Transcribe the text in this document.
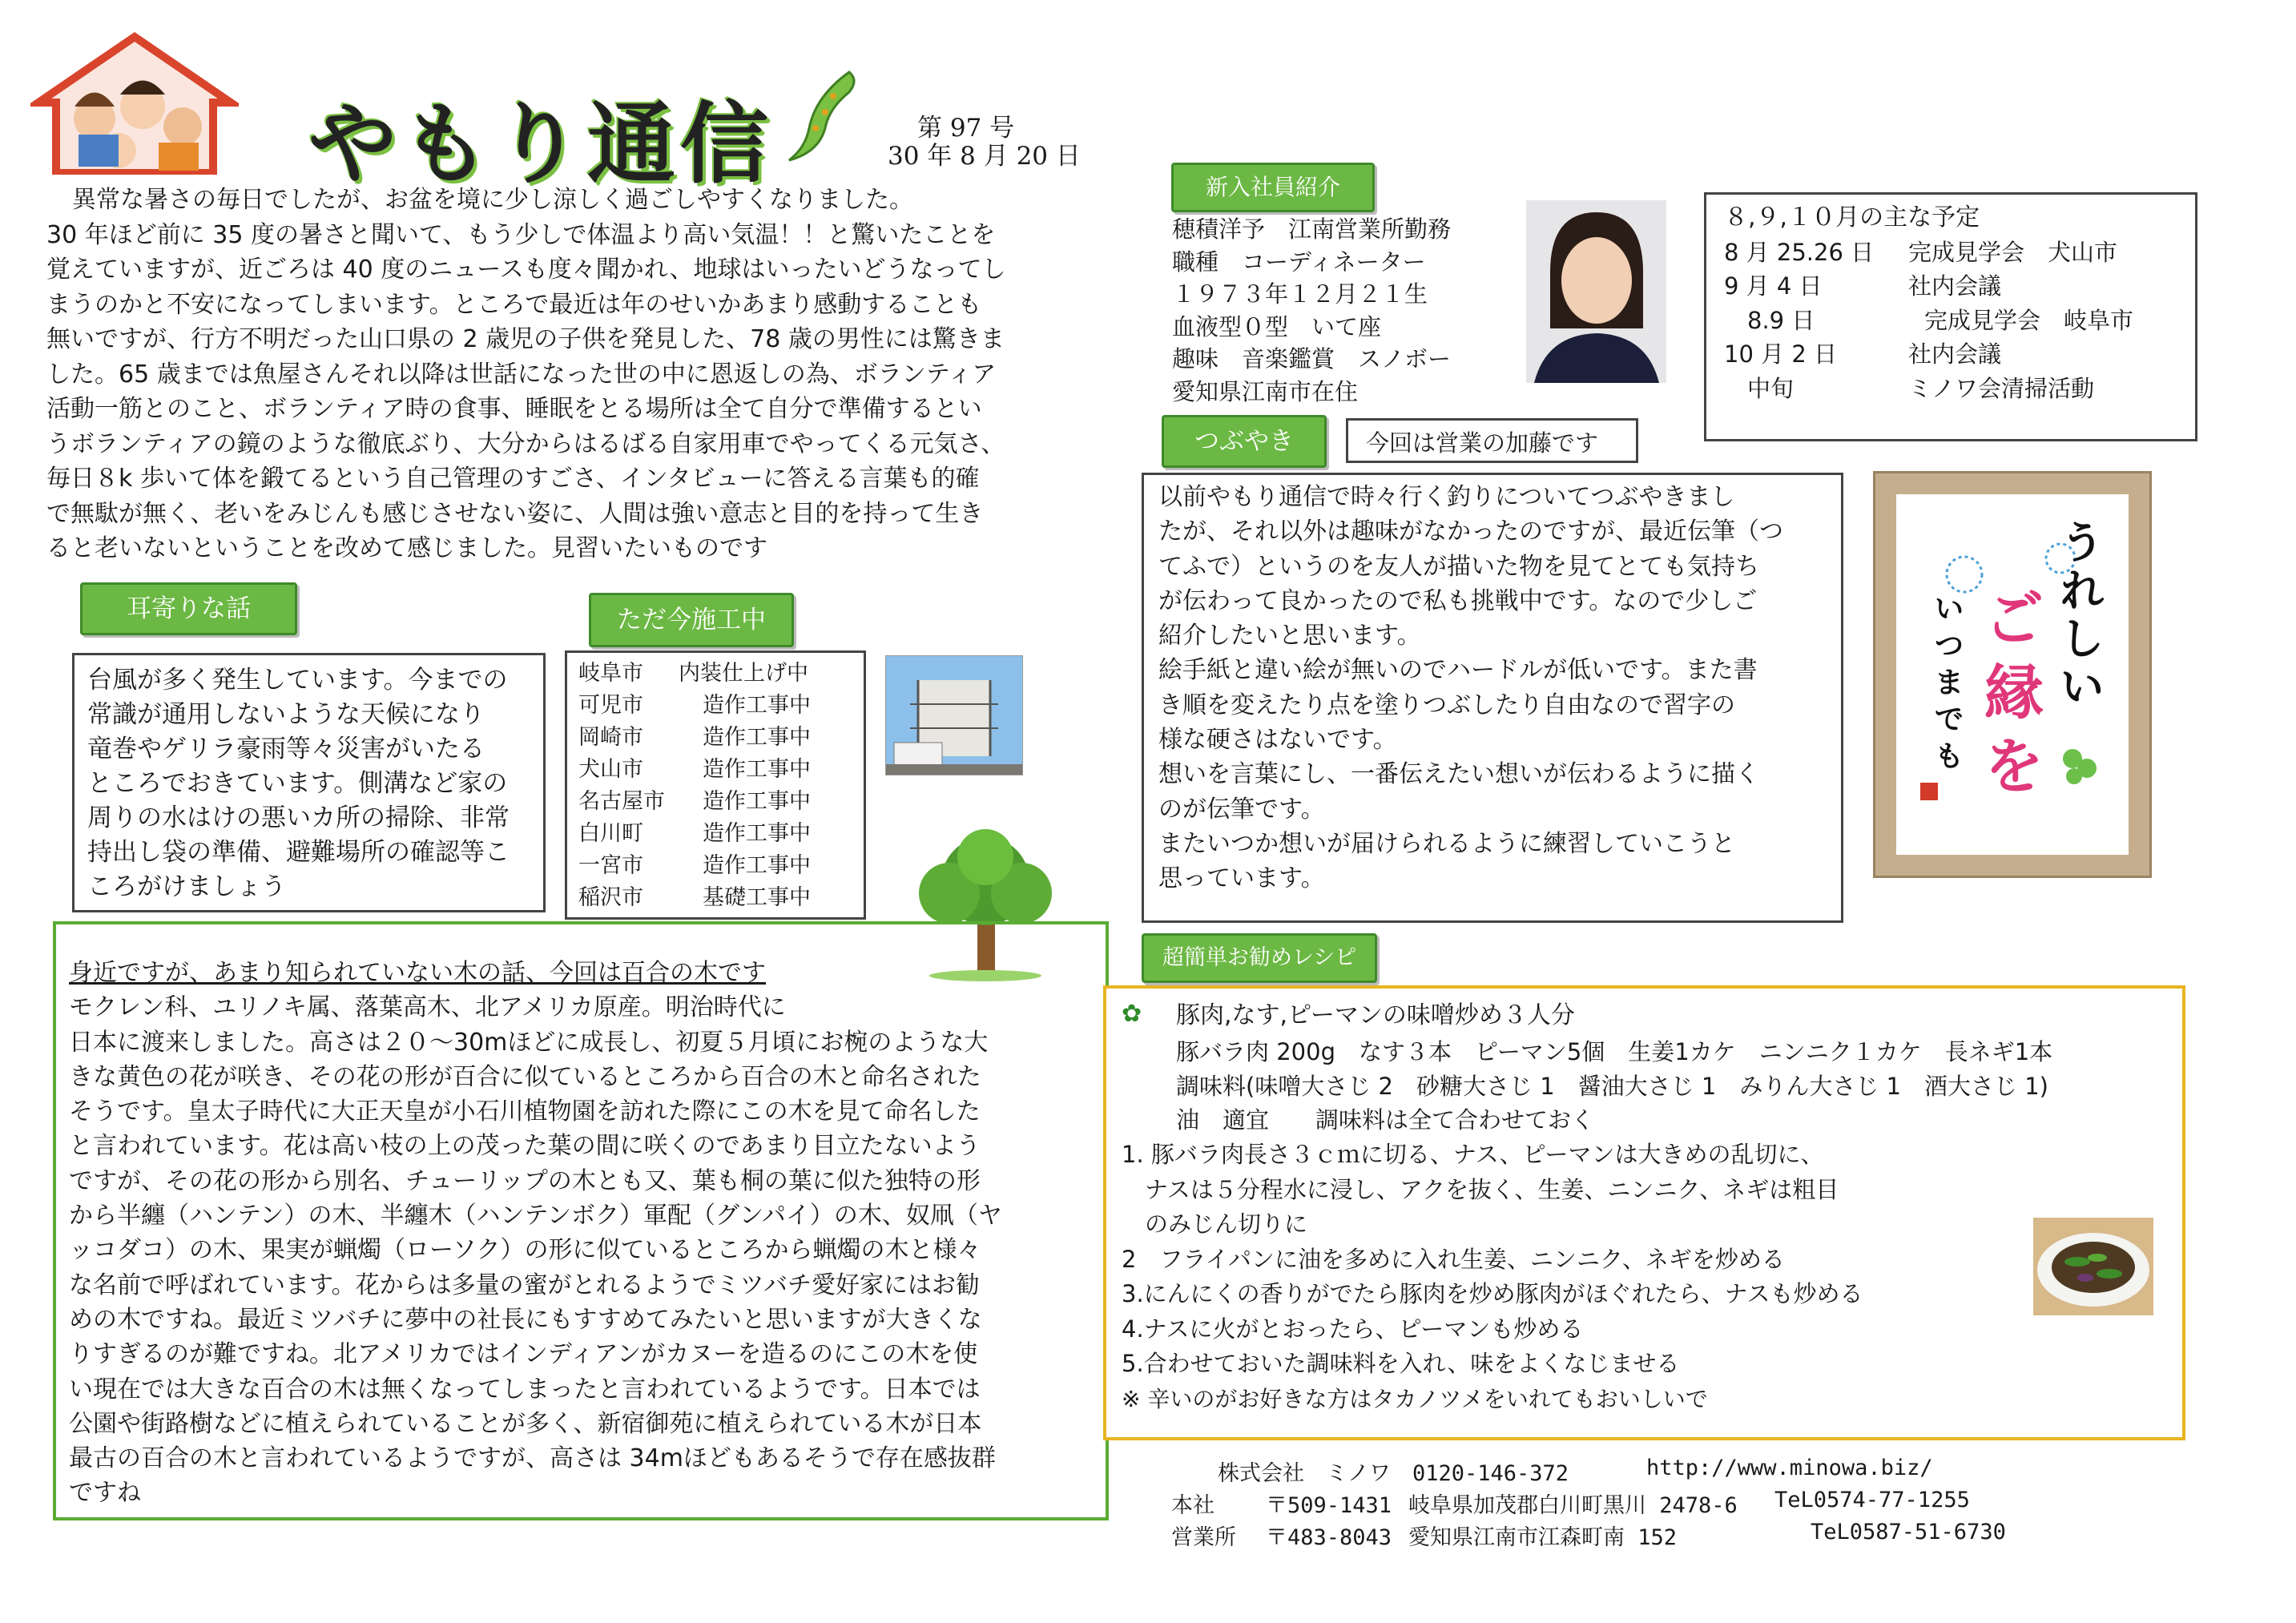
やもり通信	第 97 号
30 年 8 月 20 日
異常な暑さの毎日でしたが、お盆を境に少し涼しく過ごしやすくなりました。
30 年ほど前に 35 度の暑さと聞いて、もう少しで体温より高い気温！！と驚いたことを
覚えていますが、近ごろは 40 度のニュースも度々聞かれ、地球はいったいどうなってし
まうのかと不安になってしまいます。ところで最近は年のせいかあまり感動することも
無いですが、行方不明だった山口県の 2 歳児の子供を発見した、78 歳の男性には驚きま
した。65 歳までは魚屋さんそれ以降は世話になった世の中に恩返しの為、ボランティア
活動一筋とのこと、ボランティア時の食事、睡眠をとる場所は全て自分で準備するとい
うボランティアの鏡のような徹底ぶり、大分からはるばる自家用車でやってくる元気さ、
毎日８k 歩いて体を鍛てるという自己管理のすごさ、インタビューに答える言葉も的確
で無駄が無く、老いをみじんも感じさせない姿に、人間は強い意志と目的を持って生き
ると老いないということを改めて感じました。見習いたいものです
耳寄りな話
台風が多く発生しています。今までの
常識が通用しないような天候になり
竜巻やゲリラ豪雨等々災害がいたる
ところでおきています。側溝など家の
周りの水はけの悪いカ所の掃除、非常
持出し袋の準備、避難場所の確認等こ
ころがけましょう
ただ今施工中
岐阜市	内装仕上げ中
可児市	造作工事中
岡崎市	造作工事中
犬山市	造作工事中
名古屋市	造作工事中
白川町	造作工事中
一宮市	造作工事中
稲沢市	基礎工事中
身近ですが、あまり知られていない木の話、今回は百合の木です
モクレン科、ユリノキ属、落葉高木、北アメリカ原産。明治時代に
日本に渡来しました。高さは２０～30mほどに成長し、初夏５月頃にお椀のような大
きな黄色の花が咲き、その花の形が百合に似ているところから百合の木と命名された
そうです。皇太子時代に大正天皇が小石川植物園を訪れた際にこの木を見て命名した
と言われています。花は高い枝の上の茂った葉の間に咲くのであまり目立たないよう
ですが、その花の形から別名、チューリップの木とも又、葉も桐の葉に似た独特の形
から半纏（ハンテン）の木、半纏木（ハンテンボク）軍配（グンパイ）の木、奴凧（ヤ
ッコダコ）の木、果実が蝋燭（ローソク）の形に似ているところから蝋燭の木と様々
な名前で呼ばれています。花からは多量の蜜がとれるようでミツバチ愛好家にはお勧
めの木ですね。最近ミツバチに夢中の社長にもすすめてみたいと思いますが大きくな
りすぎるのが難ですね。北アメリカではインディアンがカヌーを造るのにこの木を使
い現在では大きな百合の木は無くなってしまったと言われているようです。日本では
公園や街路樹などに植えられていることが多く、新宿御苑に植えられている木が日本
最古の百合の木と言われているようですが、高さは 34mほどもあるそうで存在感抜群
ですね
新入社員紹介
穂積洋予　江南営業所勤務
職種　コーディネーター
１９７３年１２月２１生
血液型０型　いて座
趣味　音楽鑑賞　スノボー
愛知県江南市在住
８,９,１０月の主な予定
8 月 25.26 日	完成見学会　犬山市
9 月 4 日	社内会議
　8.9 日	完成見学会　岐阜市
10 月 2 日	社内会議
　中旬	ミノワ会清掃活動
つぶやき	今回は営業の加藤です
以前やもり通信で時々行く釣りについてつぶやきまし
たが、それ以外は趣味がなかったのですが、最近伝筆（つ
てふで）というのを友人が描いた物を見てとても気持ち
が伝わって良かったので私も挑戦中です。なので少しご
紹介したいと思います。
絵手紙と違い絵が無いのでハードルが低いです。また書
き順を変えたり点を塗りつぶしたり自由なので習字の
様な硬さはないです。
想いを言葉にし、一番伝えたい想いが伝わるように描く
のが伝筆です。
またいつか想いが届けられるように練習していこうと
思っています。
うれしい
ご縁を
いつまでも
超簡単お勧めレシピ
✿ 豚肉,なす,ピーマンの味噌炒め３人分
豚バラ肉 200g　なす３本　ピーマン5個　生姜1カケ　ニンニク１カケ　長ネギ1本
調味料(味噌大さじ 2　砂糖大さじ 1　醤油大さじ 1　みりん大さじ 1　酒大さじ 1)
油　適宜　　調味料は全て合わせておく
1. 豚バラ肉長さ３ｃｍに切る、ナス、ピーマンは大きめの乱切に、
　ナスは５分程水に浸し、アクを抜く、生姜、ニンニク、ネギは粗目
　のみじん切りに
2　フライパンに油を多めに入れ生姜、ニンニク、ネギを炒める
3.にんにくの香りがでたら豚肉を炒め豚肉がほぐれたら、ナスも炒める
4.ナスに火がとおったら、ピーマンも炒める
5.合わせておいた調味料を入れ、味をよくなじませる
※ 辛いのがお好きな方はタカノツメをいれてもおいしいで
株式会社　ミノワ　0120-146-372	http://www.minowa.biz/
本社 〒509-1431 岐阜県加茂郡白川町黒川 2478-6 TeL0574-77-1255
営業所 〒483-8043 愛知県江南市江森町南 152	TeL0587-51-6730
